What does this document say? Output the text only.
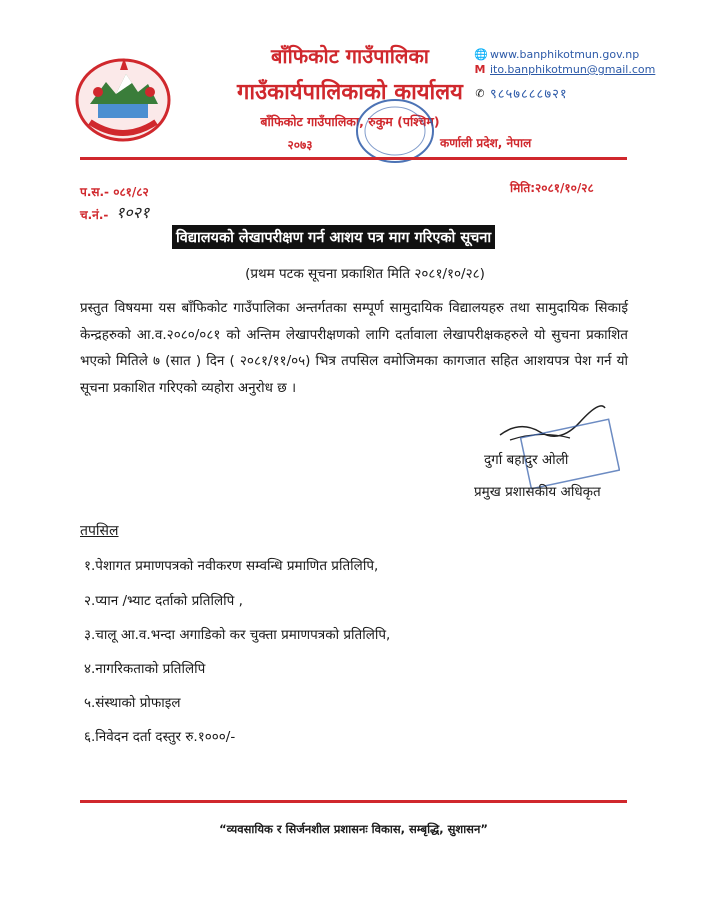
बाँफिकोट गाउँपालिका
गाउँकार्यपालिकाको कार्यालय
बाँफिकोट गाउँपालिका, रुकुम (पश्चिम)
२०७३
🌐 www.banphikotmun.gov.np
M ito.banphikotmun@gmail.com
✆ ९८५७८८८७२१
कर्णाली प्रदेश, नेपाल
प.स.- ०८१/८२
च.नं.- १०२१
मिति:२०८१/१०/२८
विद्यालयको लेखापरीक्षण गर्न आशय पत्र माग गरिएको सूचना
(प्रथम पटक सूचना प्रकाशित मिति २०८१/१०/२८)
प्रस्तुत विषयमा यस बाँफिकोट गाउँपालिका अन्तर्गतका सम्पूर्ण सामुदायिक विद्यालयहरु तथा सामुदायिक सिकाई केन्द्रहरुको आ.व.२०८०/०८१ को अन्तिम लेखापरीक्षणको लागि दर्तावाला लेखापरीक्षकहरुले यो सुचना प्रकाशित भएको मितिले ७ (सात ) दिन ( २०८१/११/०५) भित्र तपसिल वमोजिमका कागजात सहित आशयपत्र पेश गर्न यो सूचना प्रकाशित गरिएको व्यहोरा अनुरोध छ ।
दुर्गा बहादुर ओली
प्रमुख प्रशासकीय अधिकृत
तपसिल
१.पेशागत प्रमाणपत्रको नवीकरण सम्वन्धि प्रमाणित प्रतिलिपि,
२.प्यान /भ्याट दर्ताको प्रतिलिपि ,
३.चालू आ.व.भन्दा अगाडिको कर चुक्ता प्रमाणपत्रको प्रतिलिपि,
४.नागरिकताको प्रतिलिपि
५.संस्थाको प्रोफाइल
६.निवेदन दर्ता दस्तुर रु.१०००/-
“व्यवसायिक र सिर्जनशील प्रशासनः विकास, सम्बृद्धि, सुशासन”
